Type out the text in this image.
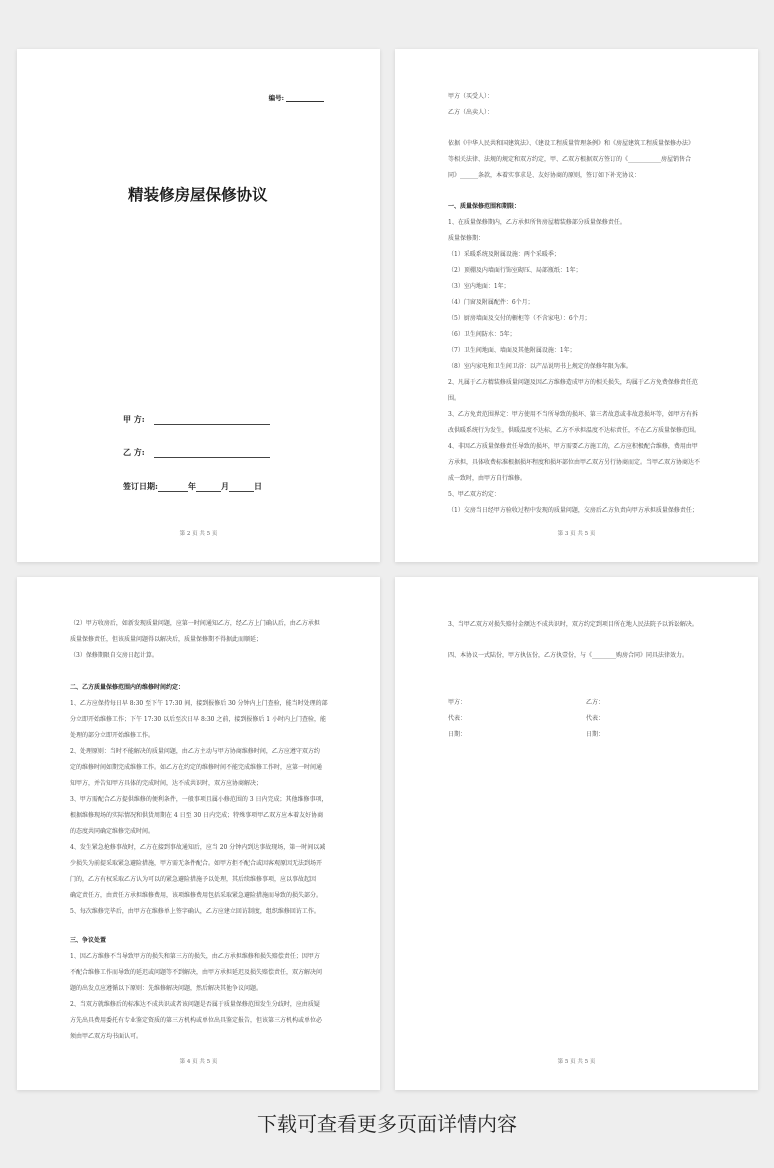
编号:
精装修房屋保修协议
甲 方:
乙 方:
签订日期:	年	月	日
第 2 页 共 5 页
甲方（买受人）：
乙方（出卖人）：
依据《中华人民共和国建筑法》、《建设工程质量管理条例》和《房屋建筑工程质量保修办法》
等相关法律、法规的规定和双方约定，甲、乙双方根据双方签订的《___________房屋销售合
同》______条款，本着实事求是、友好协商的原则，签订如下补充协议：
一、质量保修范围和期限：
1、在质量保修期内，乙方承担所售房屋精装修部分质量保修责任。
质量保修期：
（1）采暖系统及附属设施：两个采暖季；
（2）顶棚及内墙面行饰室砌压、局部瓶纸：1年；
（3）室内地面：1年；
（4）门窗及附属配件：6个月；
（5）厨房墙面及交付的橱柜等（不含家电）：6个月；
（6）卫生间防水：5年；
（7）卫生间地面、墙面及其他附属设施：1年；
（8）室内家电和卫生间卫浴：以产品说明书上规定的保修年限为准。
2、凡属于乙方精装修质量问题及因乙方维修造成甲方的相关损失，均属于乙方免费保修责任范
围。
3、乙方免责范围界定：甲方使用不当所导致的损坏、第三者故意或非故意损坏等，如甲方有拆
改供暖系统行为发生，供暖温度不达标，乙方不承担温度不达标责任，不在乙方质量保修范围。
4、非因乙方质量保修责任导致的损坏，甲方需要乙方施工的，乙方应积极配合维修，费用由甲
方承担，具体收费标准根据损坏程度和损坏部位由甲乙双方另行协商而定。当甲乙双方协商达不
成一致时，由甲方自行维修。
5、甲乙双方约定：
（1）交房当日经甲方验收过程中发现的质量问题，交房后乙方负责向甲方承担质量保修责任；
第 3 页 共 5 页
（2）甲方收房后，如新发现质量问题，应第一时间通知乙方，经乙方上门确认后，由乙方承担
质量保修责任，但该质量问题得以解决后，质量保修期不得据此而顺延；
（3）保修期限自交房日起计算。
二、乙方质量保修范围内的维修时间约定：
1、乙方应保持每日早 8:30 至下午 17:30 间，接到报修后 30 分钟内上门查验，能当时处理的部
分立即开始维修工作；下午 17:30 以后至次日早 8:30 之前，接到报修后 1 小时内上门查验，能
处理的部分立即开始维修工作。
2、处理原则：当时不能解决的质量问题，由乙方主动与甲方协商维修时间，乙方应遵守双方约
定的维修时间如期完成维修工作。如乙方在约定的维修时间不能完成维修工作时，应第一时间通
知甲方，并告知甲方具体的完成时间，达不成共识时，双方应协商解决；
3、甲方需配合乙方提供维修的便利条件，一般事项且属小修范围的 3 日内完成；其他维修事项，
根据维修现场的实际情况和供货周期在 4 日至 30 日内完成；特殊事项甲乙双方应本着友好协商
的态度共同确定维修完成时间。
4、发生紧急抢修事故时，乙方在接到事故通知后，应当 20 分钟内到达事故现场，第一时间以减
少损失为前提采取紧急避险措施，甲方需无条件配合。如甲方拒不配合或因客观原因无法到场开
门的，乙方有权采取乙方认为可以的紧急避险措施予以处理，其后续维修事项，应以事故起因
确定责任方，由责任方承担维修费用，该项维修费用包括采取紧急避险措施而导致的损失部分。
5、每次维修完毕后，由甲方在维修单上签字确认，乙方应建立回访制度，组织维修回访工作。
三、争议处置
1、因乙方维修不当导致甲方的损失和第三方的损失，由乙方承担维修和损失赔偿责任；因甲方
不配合维修工作而导致的延迟或问题等不到解决，由甲方承担延迟及损失赔偿责任，双方解决问
题的出发点应遵循以下原则：先维修解决问题，然后解决其他争议问题。
2、当双方就维修后的标准达不成共识或者该问题是否属于质量保修范围发生分歧时，应由质疑
方先出具费用委托有专业鉴定资质的第三方机构或单位出具鉴定报告，但该第三方机构或单位必
须由甲乙双方均书面认可。
第 4 页 共 5 页
3、当甲乙双方对损失赔付金额达不成共识时，双方约定到项目所在地人民法院予以诉讼解决。
四、本协议一式陆份，甲方执伍份，乙方执壹份，与《________购房合同》同具法律效力。
甲方：	乙方：
代表：	代表：
日期：	日期：
第 5 页 共 5 页
下载可查看更多页面详情内容
